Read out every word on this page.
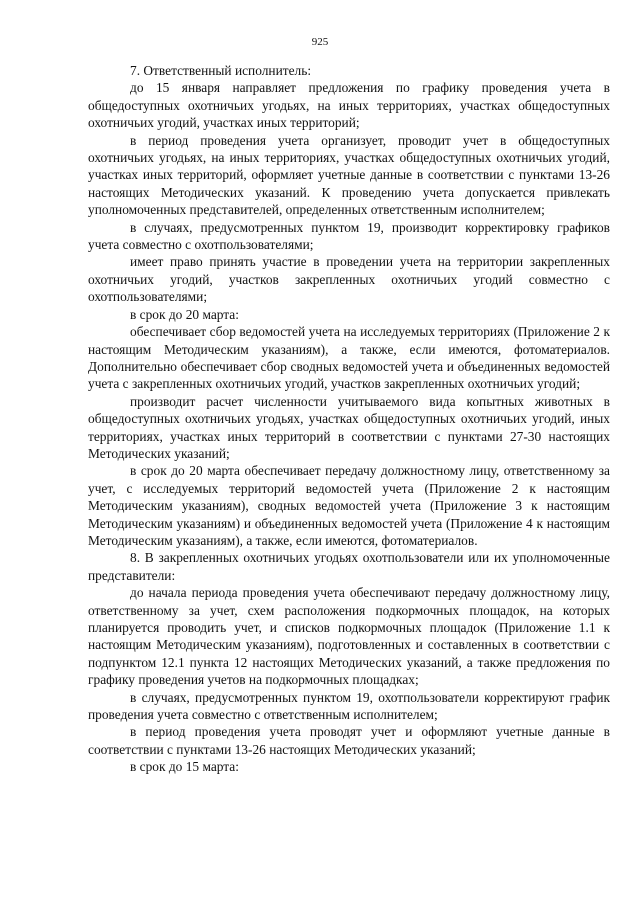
925

7. Ответственный исполнитель:

до 15 января направляет предложения по графику проведения учета в общедоступных охотничьих угодьях, на иных территориях, участках общедоступных охотничьих угодий, участках иных территорий;

в период проведения учета организует, проводит учет в общедоступных охотничьих угодьях, на иных территориях, участках общедоступных охотничьих угодий, участках иных территорий, оформляет учетные данные в соответствии с пунктами 13-26 настоящих Методических указаний. К проведению учета допускается привлекать уполномоченных представителей, определенных ответственным исполнителем;

в случаях, предусмотренных пунктом 19, производит корректировку графиков учета совместно с охотпользователями;

имеет право принять участие в проведении учета на территории закрепленных охотничьих угодий, участков закрепленных охотничьих угодий совместно с охотпользователями;

в срок до 20 марта:

обеспечивает сбор ведомостей учета на исследуемых территориях (Приложение 2 к настоящим Методическим указаниям), а также, если имеются, фотоматериалов. Дополнительно обеспечивает сбор сводных ведомостей учета и объединенных ведомостей учета с закрепленных охотничьих угодий, участков закрепленных охотничьих угодий;

производит расчет численности учитываемого вида копытных животных в общедоступных охотничьих угодьях, участках общедоступных охотничьих угодий, иных территориях, участках иных территорий в соответствии с пунктами 27-30 настоящих Методических указаний;

в срок до 20 марта обеспечивает передачу должностному лицу, ответственному за учет, с исследуемых территорий ведомостей учета (Приложение 2 к настоящим Методическим указаниям), сводных ведомостей учета (Приложение 3 к настоящим Методическим указаниям) и объединенных ведомостей учета (Приложение 4 к настоящим Методическим указаниям), а также, если имеются, фотоматериалов.

8. В закрепленных охотничьих угодьях охотпользователи или их уполномоченные представители:

до начала периода проведения учета обеспечивают передачу должностному лицу, ответственному за учет, схем расположения подкормочных площадок, на которых планируется проводить учет, и списков подкормочных площадок (Приложение 1.1 к настоящим Методическим указаниям), подготовленных и составленных в соответствии с подпунктом 12.1 пункта 12 настоящих Методических указаний, а также предложения по графику проведения учетов на подкормочных площадках;

в случаях, предусмотренных пунктом 19, охотпользователи корректируют график проведения учета совместно с ответственным исполнителем;

в период проведения учета проводят учет и оформляют учетные данные в соответствии с пунктами 13-26 настоящих Методических указаний;

в срок до 15 марта:
